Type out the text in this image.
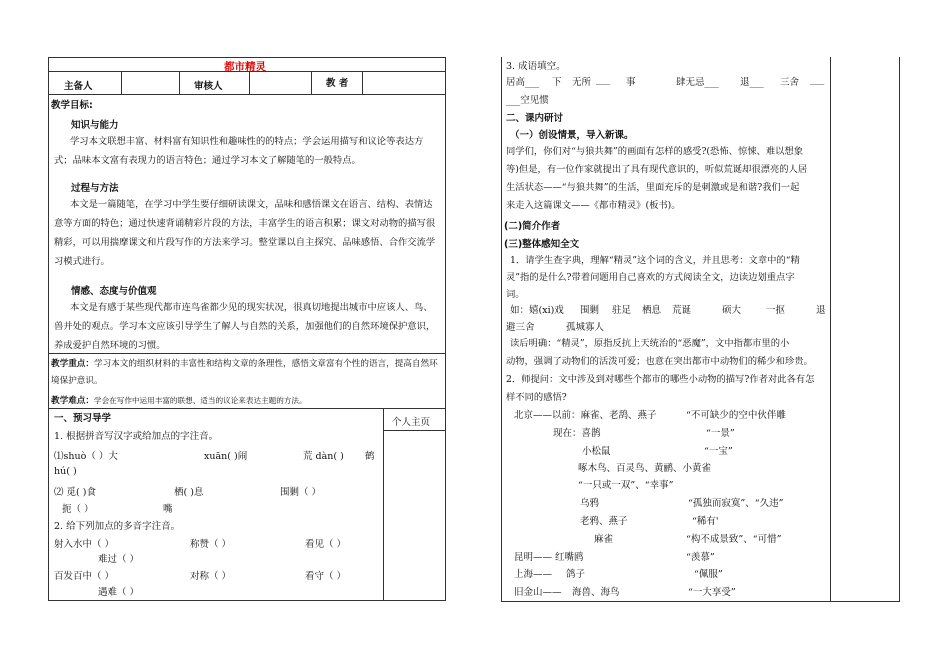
都市精灵
主备人	审核人	教 者
教学目标:
知识与能力
学习本文联想丰富、材料富有知识性和趣味性的的特点；学会运用描写和议论等表达方
式；品味本文富有表现力的语言特色；通过学习本文了解随笔的一般特点。
过程与方法
本文是一篇随笔，在学习中学生要仔细研读课文，品味和感悟课文在语言、结构、表情达
意等方面的特色；通过快速背诵精彩片段的方法，丰富学生的语言积累；课文对动物的描写很
精彩，可以用揣摩课文和片段写作的方法来学习。整堂课以自主探究、品味感悟、合作交流学
习模式进行。
情感、态度与价值观
本文是有感于某些现代都市连鸟雀都少见的现实状况，很真切地提出城市中应该人、鸟、
兽并处的观点。学习本文应该引导学生了解人与自然的关系，加强他们的自然环境保护意识，
养成爱护自然环境的习惯。
教学重点：学习本文的组织材料的丰富性和结构文章的条理性，感悟文章富有个性的语言，提高自然环
境保护意识。
教学难点：学会在写作中运用丰富的联想、适当的议论来表达主题的方法。
一、预习导学	个人主页
1. 根据拼音写汉字或给加点的字注音。
⑴shuò（ ）大	xuān( )闹	荒 dàn( ) 鹤
hú( )
⑵ 觅( )食	栖( )息	围剿（ ）
扼（ ）	嘴
2. 给下列加点的多音字注音。
射入水中（ ）	称赞（ ）	看见（ ）
难过（ ）
百发百中（ ）	对称（ ）	看守（ ）
遇难（ ）
3. 成语填空。
居高___ 下 无所 ___ 事	肆无忌___ 退___ 三舍 ___
___空见惯
二、课内研讨
（一）创设情景，导入新课。
同学们，你们对“与狼共舞”的画面有怎样的感受?(恐怖、惊悚、难以想象
等)但是，有一位作家就提出了具有现代意识的，听似荒诞却很漂亮的人居
生活状态——“与狼共舞”的生活，里面充斥的是刺激或是和谐?我们一起
来走入这篇课文——《都市精灵》(板书)。
(二)简介作者
(三)整体感知全文
1．请学生查字典，理解“精灵”这个词的含义，并且思考：文章中的“精
灵”指的是什么?带着问题用自己喜欢的方式阅读全文，边读边划重点字
词。
如：嬉(xi)戏 围剿 驻足 栖息 荒诞	硕大	一抠	退
避三舍	孤城寡人
读后明确：“精灵”，原指反抗上天统治的“恶魔”，文中指都市里的小
动物，强调了动物们的活泼可爱；也意在突出都市中动物们的稀少和珍贵。
2．师提问：文中涉及到对哪些个都市的哪些小动物的描写?作者对此各有怎
样不同的感悟?
北京——以前：麻雀、老鸹、燕子	“不可缺少的空中伙伴雕
现在：喜鹊	“一景”
小松鼠	“一宝”
啄木鸟、百灵鸟、黄鹂、小黄雀
“一只或一双”、“幸事”
乌鸦	“孤独而寂寞”、“久违”
老鸦、燕子	“稀有'
麻雀	“构不成景致”、“可惜”
昆明—— 红嘴鸥	“羡慕”
上海—— 鸽子	“佩服”
旧金山—— 海兽、海鸟	“一大享受”
